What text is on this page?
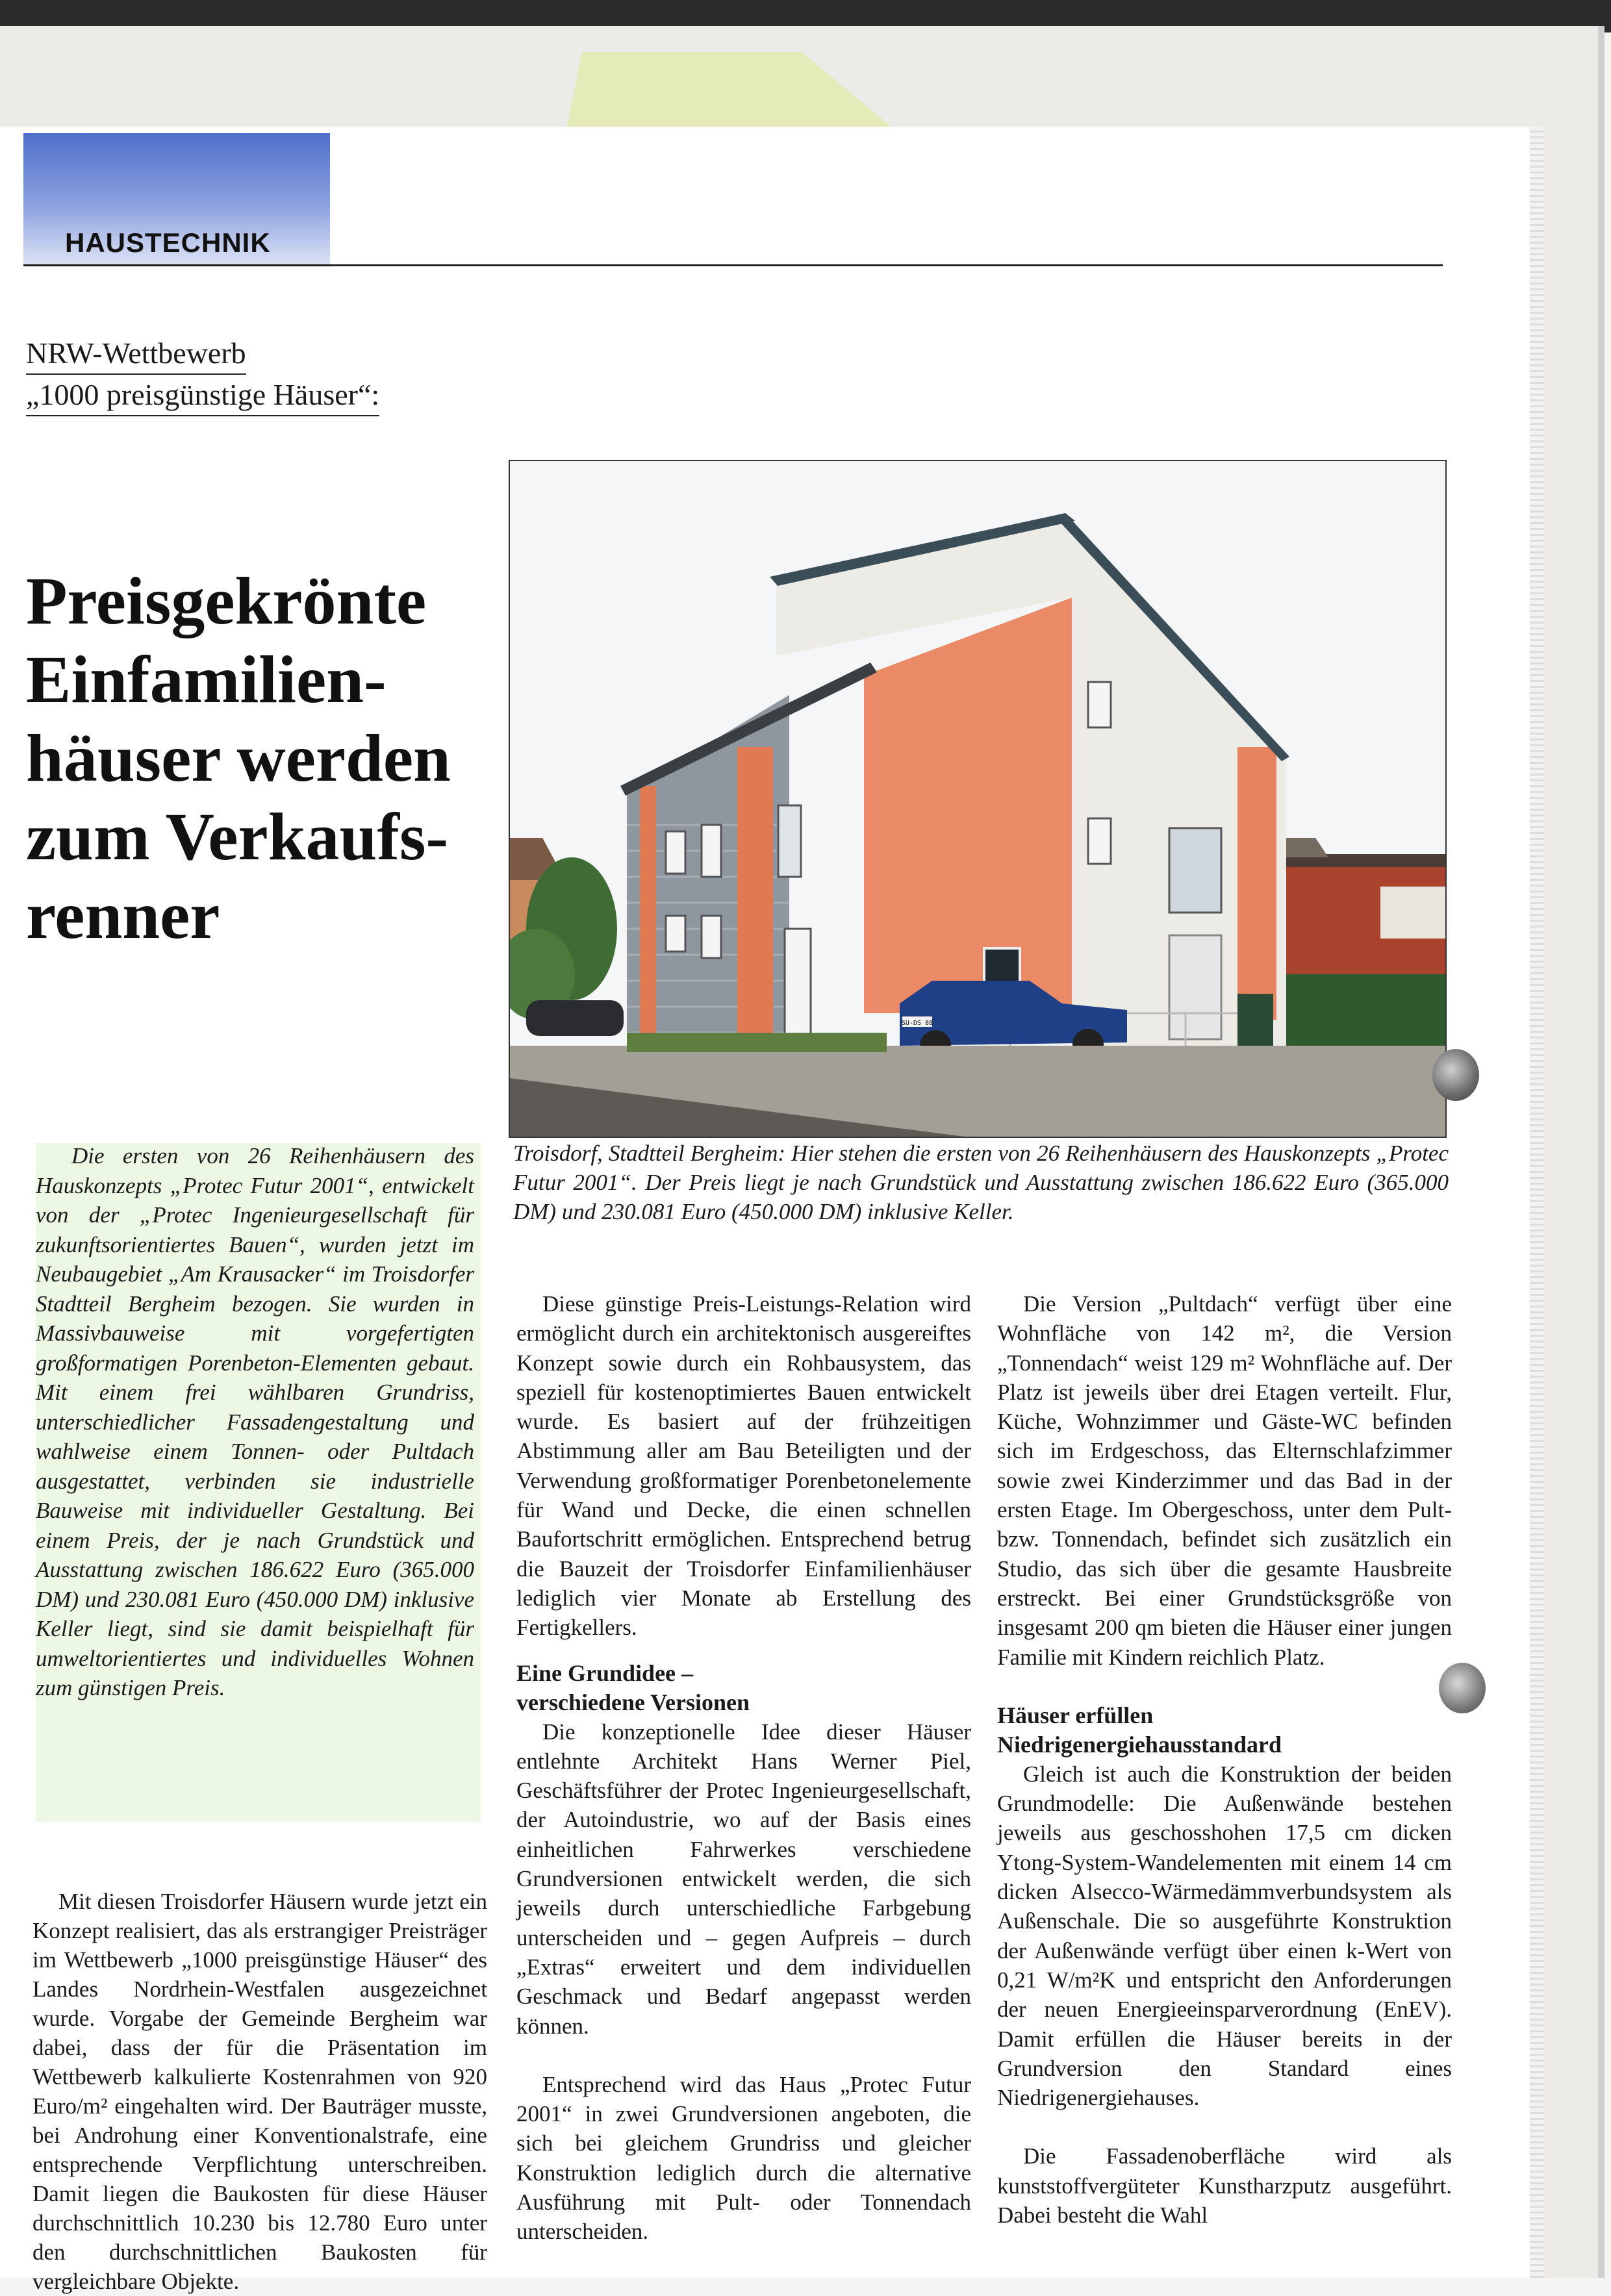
HAUSTECHNIK
NRW-Wettbewerb
„1000 preisgünstige Häuser“:
Preisgekrönte
Einfamilien-
häuser werden
zum Verkaufs-
renner
Die ersten von 26 Reihenhäusern des Hauskonzepts „Protec Futur 2001“, entwickelt von der „Protec Ingenieurgesellschaft für zukunftsorientiertes Bauen“, wurden jetzt im Neubaugebiet „Am Krausacker“ im Troisdorfer Stadtteil Bergheim bezogen. Sie wurden in Massivbauweise mit vorgefertigten großformatigen Porenbeton-Elementen gebaut. Mit einem frei wählbaren Grundriss, unterschiedlicher Fassadengestaltung und wahlweise einem Tonnen- oder Pultdach ausgestattet, verbinden sie industrielle Bauweise mit individueller Gestaltung. Bei einem Preis, der je nach Grundstück und Ausstattung zwischen 186.622 Euro (365.000 DM) und 230.081 Euro (450.000 DM) inklusive Keller liegt, sind sie damit beispielhaft für umweltorientiertes und individuelles Wohnen zum günstigen Preis.
Mit diesen Troisdorfer Häusern wurde jetzt ein Konzept realisiert, das als erstrangiger Preisträger im Wettbewerb „1000 preisgünstige Häuser“ des Landes Nordrhein-Westfalen ausgezeichnet wurde. Vorgabe der Gemeinde Bergheim war dabei, dass der für die Präsentation im Wettbewerb kalkulierte Kostenrahmen von 920 Euro/m² eingehalten wird. Der Bauträger musste, bei Androhung einer Konventionalstrafe, eine entsprechende Verpflichtung unterschreiben. Damit liegen die Baukosten für diese Häuser durchschnittlich 10.230 bis 12.780 Euro unter den durchschnittlichen Baukosten für vergleichbare Objekte.
SU-DS 88
Troisdorf, Stadtteil Bergheim: Hier stehen die ersten von 26 Reihenhäusern des Hauskonzepts „Protec Futur 2001“. Der Preis liegt je nach Grundstück und Ausstattung zwischen 186.622 Euro (365.000 DM) und 230.081 Euro (450.000 DM) inklusive Keller.

Diese günstige Preis-Leistungs-Relation wird ermöglicht durch ein architektonisch ausgereiftes Konzept sowie durch ein Rohbausystem, das speziell für kostenoptimiertes Bauen entwickelt wurde. Es basiert auf der frühzeitigen Abstimmung aller am Bau Beteiligten und der Verwendung großformatiger Porenbetonelemente für Wand und Decke, die einen schnellen Baufortschritt ermöglichen. Entsprechend betrug die Bauzeit der Troisdorfer Einfamilienhäuser lediglich vier Monate ab Erstellung des Fertigkellers.

Eine Grundidee –

verschiedene Versionen

Die konzeptionelle Idee dieser Häuser entlehnte Architekt Hans Werner Piel, Geschäftsführer der Protec Ingenieurgesellschaft, der Autoindustrie, wo auf der Basis eines einheitlichen Fahrwerkes verschiedene Grundversionen entwickelt werden, die sich jeweils durch unterschiedliche Farbgebung unterscheiden und – gegen Aufpreis – durch „Extras“ erweitert und dem individuellen Geschmack und Bedarf angepasst werden können.

Entsprechend wird das Haus „Protec Futur 2001“ in zwei Grundversionen angeboten, die sich bei gleichem Grundriss und gleicher Konstruktion lediglich durch die alternative Ausführung mit Pult- oder Tonnendach unterscheiden.

Die Version „Pultdach“ verfügt über eine Wohnfläche von 142 m², die Version „Tonnendach“ weist 129 m² Wohnfläche auf. Der Platz ist jeweils über drei Etagen verteilt. Flur, Küche, Wohnzimmer und Gäste-WC befinden sich im Erdgeschoss, das Elternschlafzimmer sowie zwei Kinderzimmer und das Bad in der ersten Etage. Im Obergeschoss, unter dem Pult- bzw. Tonnendach, befindet sich zusätzlich ein Studio, das sich über die gesamte Hausbreite erstreckt. Bei einer Grundstücksgröße von insgesamt 200 qm bieten die Häuser einer jungen Familie mit Kindern reichlich Platz.

Häuser erfüllen

Niedrigenergiehausstandard

Gleich ist auch die Konstruktion der beiden Grundmodelle: Die Außenwände bestehen jeweils aus geschosshohen 17,5 cm dicken Ytong-System-Wandelementen mit einem 14 cm dicken Alsecco-Wärmedämmverbundsystem als Außenschale. Die so ausgeführte Konstruktion der Außenwände verfügt über einen k-Wert von 0,21 W/m²K und entspricht den Anforderungen der neuen Energieeinsparverordnung (EnEV). Damit erfüllen die Häuser bereits in der Grundversion den Standard eines Niedrigenergiehauses.

Die Fassadenoberfläche wird als kunststoffvergüteter Kunstharzputz ausgeführt. Dabei besteht die Wahl
